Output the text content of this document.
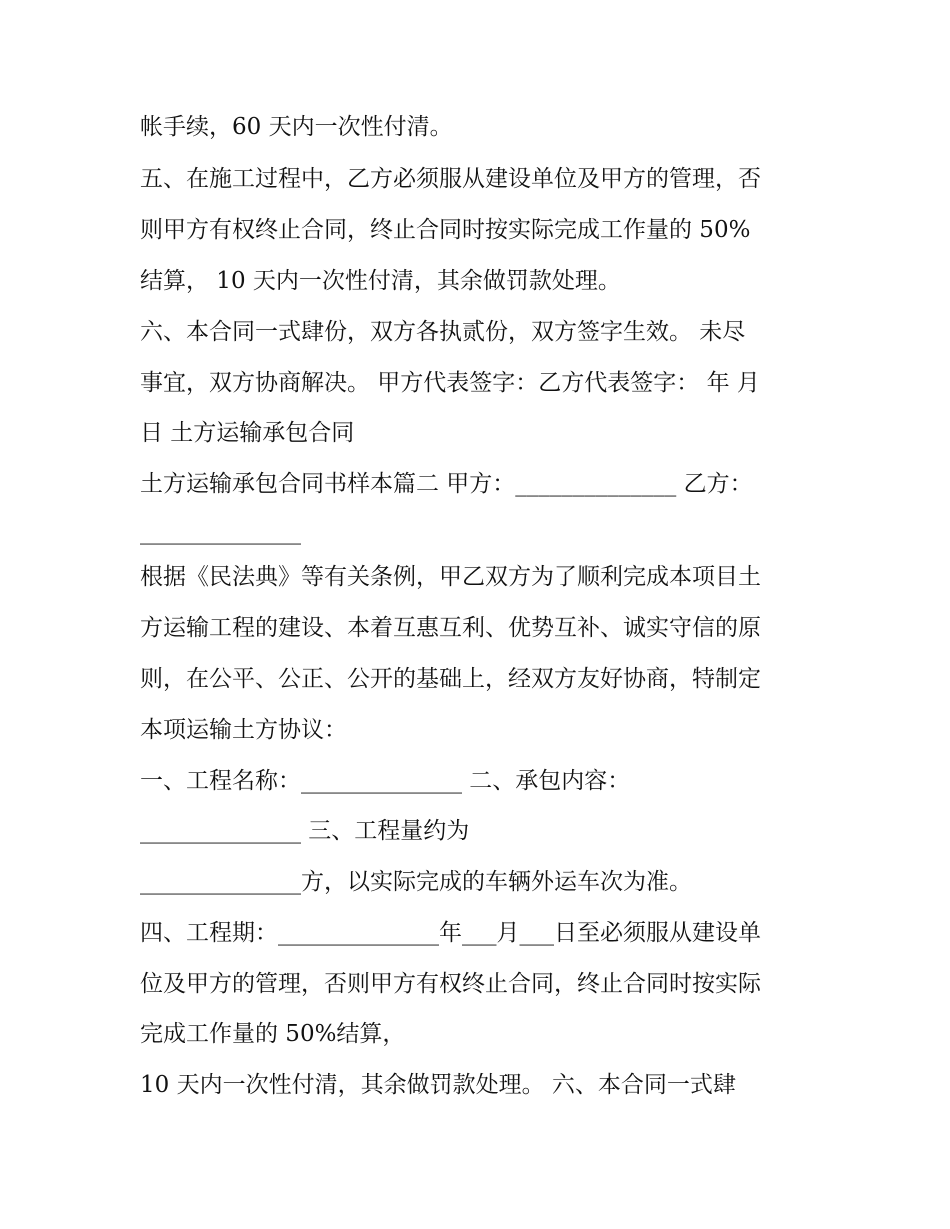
帐手续，60 天内一次性付清。
五、在施工过程中，乙方必须服从建设单位及甲方的管理，否
则甲方有权终止合同，终止合同时按实际完成工作量的 50%
结算， 10 天内一次性付清，其余做罚款处理。
六、本合同一式肆份，双方各执贰份，双方签字生效。 未尽
事宜，双方协商解决。 甲方代表签字：乙方代表签字： 年 月
日 土方运输承包合同
土方运输承包合同书样本篇二 甲方：______________ 乙方：
______________
根据《民法典》等有关条例，甲乙双方为了顺利完成本项目土
方运输工程的建设、本着互惠互利、优势互补、诚实守信的原
则，在公平、公正、公开的基础上，经双方友好协商，特制定
本项运输土方协议：
一、工程名称：______________ 二、承包内容：
______________ 三、工程量约为
______________方，以实际完成的车辆外运车次为准。
四、工程期：______________年___月___日至必须服从建设单
位及甲方的管理，否则甲方有权终止合同，终止合同时按实际
完成工作量的 50%结算，
10 天内一次性付清，其余做罚款处理。 六、本合同一式肆
